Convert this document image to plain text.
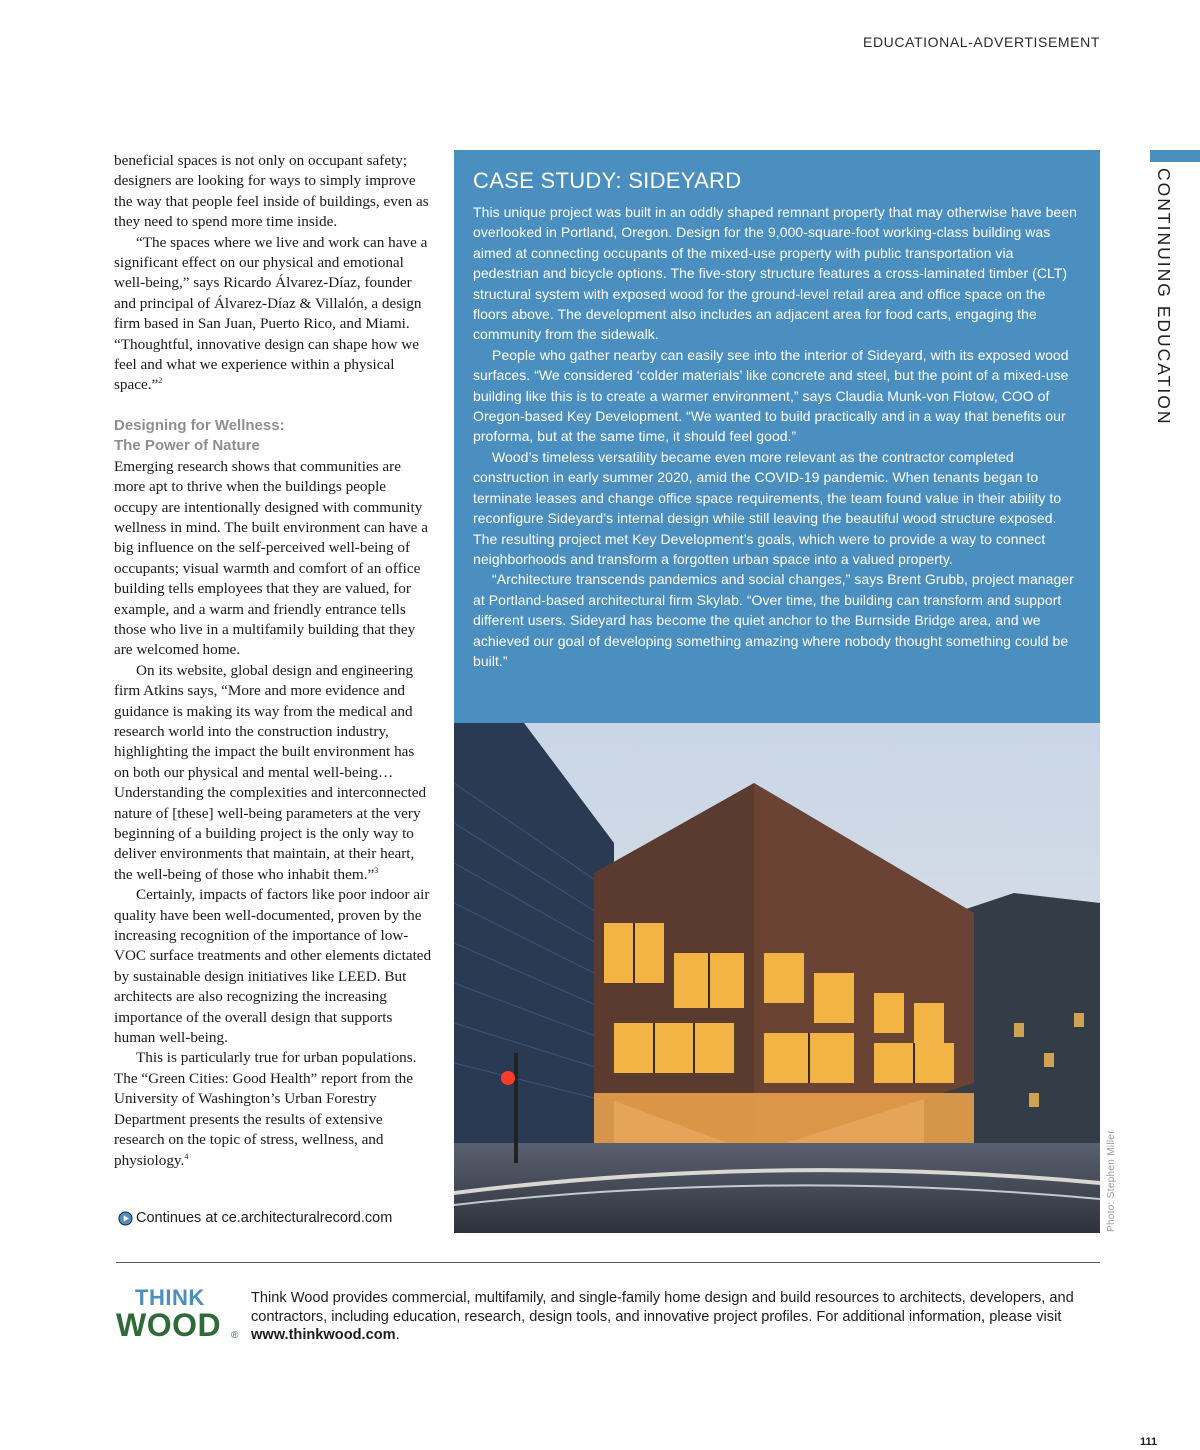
EDUCATIONAL-ADVERTISEMENT
CONTINUING EDUCATION

beneficial spaces is not only on occupant safety; designers are looking for ways to simply improve the way that people feel inside of buildings, even as they need to spend more time inside.

“The spaces where we live and work can have a significant effect on our physical and emotional well-being,” says Ricardo Álvarez-Díaz, founder and principal of Álvarez-Díaz & Villalón, a design firm based in San Juan, Puerto Rico, and Miami. “Thoughtful, innovative design can shape how we feel and what we experience within a physical space.”$^2$

Designing for Wellness:
The Power of Nature

Emerging research shows that communities are more apt to thrive when the buildings people occupy are intentionally designed with community wellness in mind. The built environment can have a big influence on the self-perceived well-being of occupants; visual warmth and comfort of an office building tells employees that they are valued, for example, and a warm and friendly entrance tells those who live in a multifamily building that they are welcomed home.

On its website, global design and engineering firm Atkins says, “More and more evidence and guidance is making its way from the medical and research world into the construction industry, highlighting the impact the built environment has on both our physical and mental well-being… Understanding the complexities and interconnected nature of [these] well-being parameters at the very beginning of a building project is the only way to deliver environments that maintain, at their heart, the well-being of those who inhabit them.”$^3$

Certainly, impacts of factors like poor indoor air quality have been well-documented, proven by the increasing recognition of the importance of low-VOC surface treatments and other elements dictated by sustainable design initiatives like LEED. But architects are also recognizing the increasing importance of the overall design that supports human well-being.

This is particularly true for urban populations. The “Green Cities: Good Health” report from the University of Washington’s Urban Forestry Department presents the results of extensive research on the topic of stress, wellness, and physiology.$^4$

Continues at ce.architecturalrecord.com
CASE STUDY: SIDEYARD

This unique project was built in an oddly shaped remnant property that may otherwise have been overlooked in Portland, Oregon. Design for the 9,000-square-foot working-class building was aimed at connecting occupants of the mixed-use property with public transportation via pedestrian and bicycle options. The five-story structure features a cross-laminated timber (CLT) structural system with exposed wood for the ground-level retail area and office space on the floors above. The development also includes an adjacent area for food carts, engaging the community from the sidewalk.

People who gather nearby can easily see into the interior of Sideyard, with its exposed wood surfaces. “We considered ‘colder materials’ like concrete and steel, but the point of a mixed-use building like this is to create a warmer environment,” says Claudia Munk-von Flotow, COO of Oregon-based Key Development. “We wanted to build practically and in a way that benefits our proforma, but at the same time, it should feel good.”

Wood’s timeless versatility became even more relevant as the contractor completed construction in early summer 2020, amid the COVID-19 pandemic. When tenants began to terminate leases and change office space requirements, the team found value in their ability to reconfigure Sideyard’s internal design while still leaving the beautiful wood structure exposed. The resulting project met Key Development’s goals, which were to provide a way to connect neighborhoods and transform a forgotten urban space into a valued property.

“Architecture transcends pandemics and social changes,” says Brent Grubb, project manager at Portland-based architectural firm Skylab. “Over time, the building can transform and support different users. Sideyard has become the quiet anchor to the Burnside Bridge area, and we achieved our goal of developing something amazing where nobody thought something could be built.”

Photo: Stephen Miller
THINK
WOOD ®
Think Wood provides commercial, multifamily, and single-family home design and build resources to architects, developers, and contractors, including education, research, design tools, and innovative project profiles. For additional information, please visit www.thinkwood.com.
111
